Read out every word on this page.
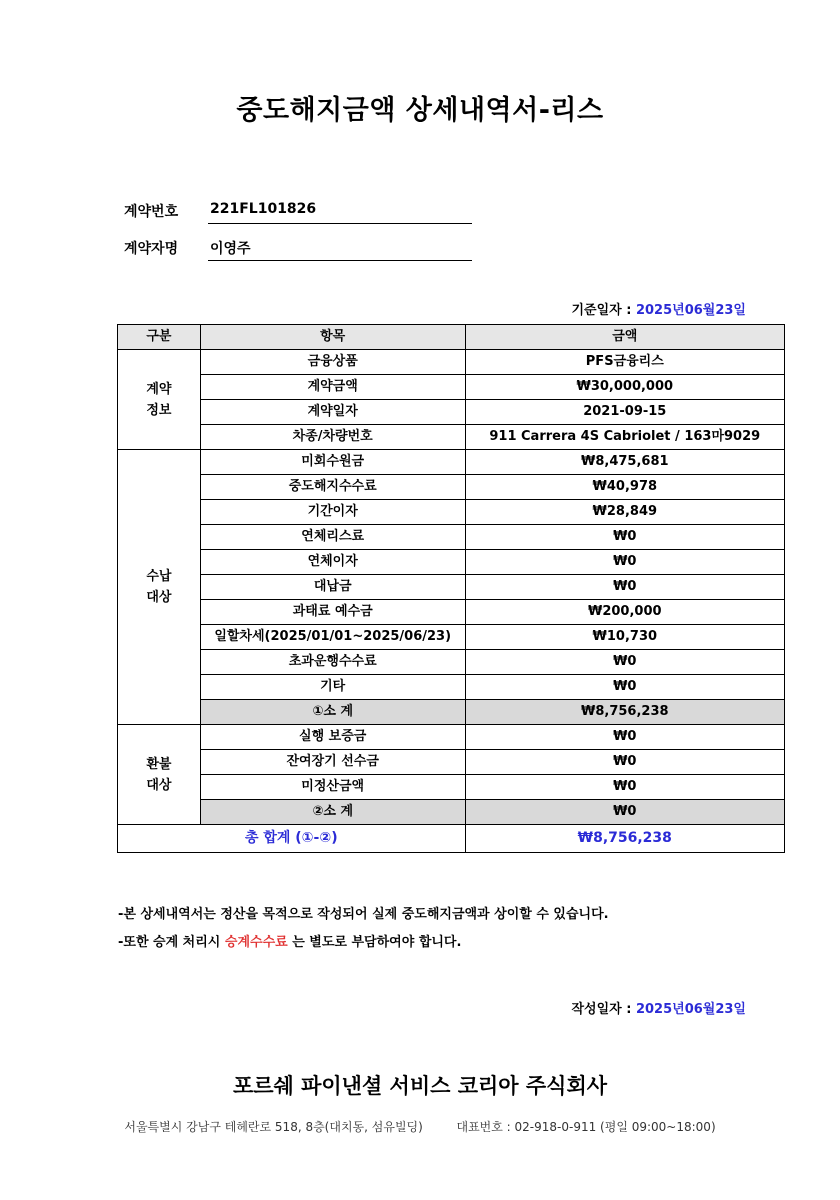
중도해지금액 상세내역서-리스
계약번호 221FL101826
계약자명 이영주
기준일자 : 2025년06월23일
구분	항목	금액
계약
정보	금융상품	PFS금융리스
	계약금액	₩30,000,000
	계약일자	2021-09-15
	차종/차량번호	911 Carrera 4S Cabriolet / 163마9029
수납
대상	미회수원금	₩8,475,681
	중도해지수수료	₩40,978
	기간이자	₩28,849
	연체리스료	₩0
	연체이자	₩0
	대납금	₩0
	과태료 예수금	₩200,000
	일할차세(2025/01/01~2025/06/23)	₩10,730
	초과운행수수료	₩0
	기타	₩0
	①소 계	₩8,756,238
환불
대상	실행 보증금	₩0
	잔여장기 선수금	₩0
	미정산금액	₩0
	②소 계	₩0
총 합계 (①-②)		₩8,756,238
-본 상세내역서는 정산을 목적으로 작성되어 실제 중도해지금액과 상이할 수 있습니다.
-또한 승계 처리시 승계수수료 는 별도로 부담하여야 합니다.
작성일자 : 2025년06월23일
포르쉐 파이낸셜 서비스 코리아 주식회사
서울특별시 강남구 테헤란로 518, 8층(대치동, 섬유빌딩)	대표번호 : 02-918-0-911 (평일 09:00~18:00)
